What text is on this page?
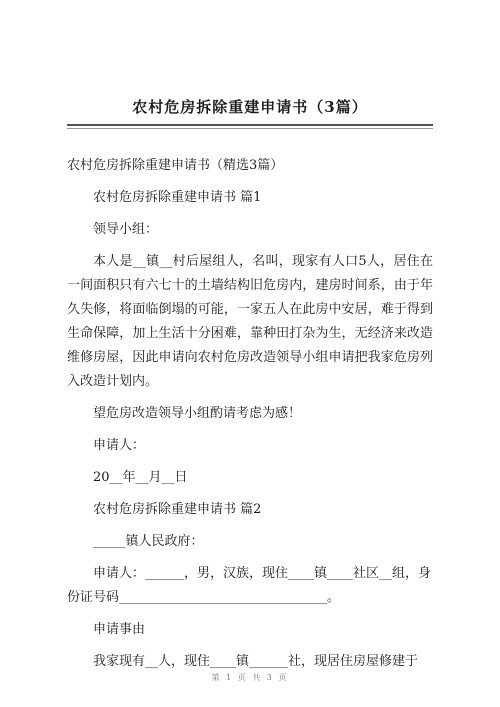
农村危房拆除重建申请书（3篇）
农村危房拆除重建申请书（精选3篇）
农村危房拆除重建申请书 篇1
领导小组：
本人是__镇__村后屋组人，名叫，现家有人口5人，居住在
一间面积只有六七十的土墙结构旧危房内，建房时间系，由于年
久失修，将面临倒塌的可能，一家五人在此房中安居，难于得到
生命保障，加上生活十分困难，靠种田打杂为生，无经济来改造
维修房屋，因此申请向农村危房改造领导小组申请把我家危房列
入改造计划内。
望危房改造领导小组酌请考虑为感！
申请人：
20__年__月__日
农村危房拆除重建申请书 篇2
_____镇人民政府：
申请人：______，男，汉族，现住____镇____社区__组，身
份证号码________________________________。
申请事由
我家现有__人，现住____镇______社，现居住房屋修建于
第 1 页 共 3 页
